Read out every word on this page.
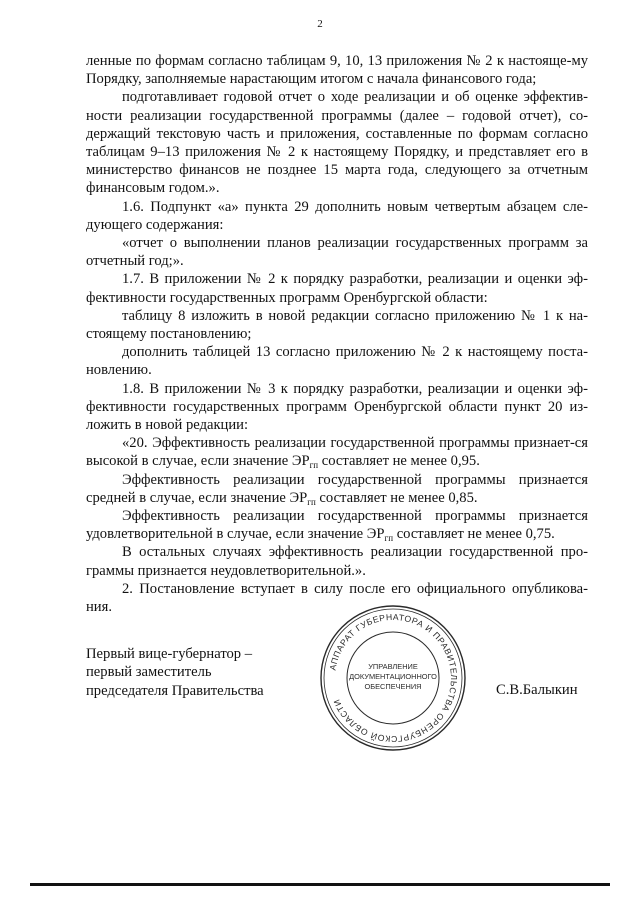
2

ленные по формам согласно таблицам 9, 10, 13 приложения № 2 к настояще-му Порядку, заполняемые нарастающим итогом с начала финансового года;

подготавливает годовой отчет о ходе реализации и об оценке эффектив-ности реализации государственной программы (далее – годовой отчет), со-держащий текстовую часть и приложения, составленные по формам согласно таблицам 9–13 приложения № 2 к настоящему Порядку, и представляет его в министерство финансов не позднее 15 марта года, следующего за отчетным финансовым годом.».

1.6. Подпункт «а» пункта 29 дополнить новым четвертым абзацем сле-дующего содержания:

«отчет о выполнении планов реализации государственных программ за отчетный год;».

1.7. В приложении № 2 к порядку разработки, реализации и оценки эф-фективности государственных программ Оренбургской области:

таблицу 8 изложить в новой редакции согласно приложению № 1 к на-стоящему постановлению;

дополнить таблицей 13 согласно приложению № 2 к настоящему поста-новлению.

1.8. В приложении № 3 к порядку разработки, реализации и оценки эф-фективности государственных программ Оренбургской области пункт 20 из-ложить в новой редакции:

«20. Эффективность реализации государственной программы признает-ся высокой в случае, если значение $ЭР_{гп}$ составляет не менее 0,95.

Эффективность реализации государственной программы признается средней в случае, если значение $ЭР_{гп}$ составляет не менее 0,85.

Эффективность реализации государственной программы признается удовлетворительной в случае, если значение $ЭР_{гп}$ составляет не менее 0,75.

В остальных случаях эффективность реализации государственной про-граммы признается неудовлетворительной.».

2. Постановление вступает в силу после его официального опубликова-ния.

Первый вице-губернатор –
первый заместитель
председателя Правительства
АППАРАТ ГУБЕРНАТОРА И ПРАВИТЕЛЬСТВА ОРЕНБУРГСКОЙ ОБЛАСТИ
УПРАВЛЕНИЕ
ДОКУМЕНТАЦИОННОГО
ОБЕСПЕЧЕНИЯ	С.В.Балыкин
